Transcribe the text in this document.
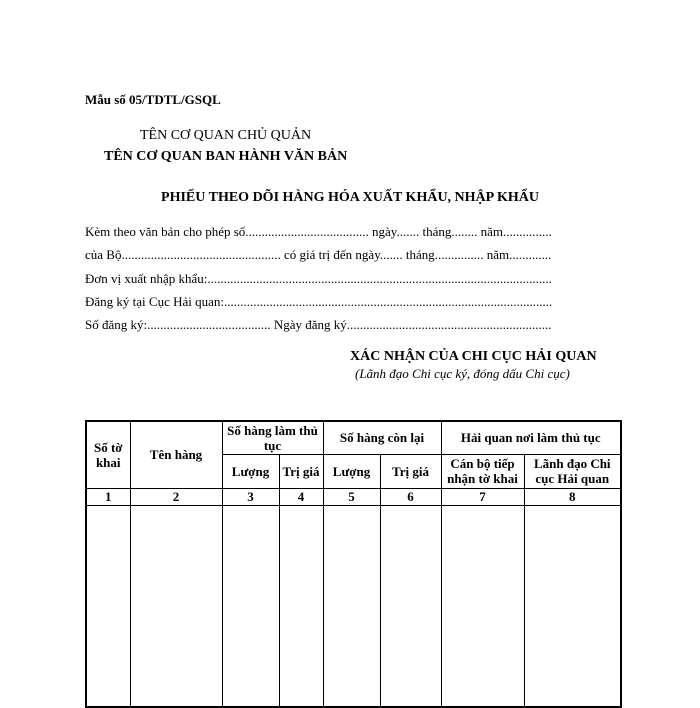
Mẫu số 05/TDTL/GSQL
TÊN CƠ QUAN CHỦ QUẢN
TÊN CƠ QUAN BAN HÀNH VĂN BẢN
PHIẾU THEO DÕI HÀNG HÓA XUẤT KHẨU, NHẬP KHẨU
Kèm theo văn bản cho phép số...................................... ngày....... tháng........ năm...............
của Bộ................................................. có giá trị đến ngày....... tháng............... năm.............
Đơn vị xuất nhập khẩu:..........................................................................................................
Đăng ký tại Cục Hải quan:.....................................................................................................
Số đăng ký:...................................... Ngày đăng ký...............................................................
XÁC NHẬN CỦA CHI CỤC HẢI QUAN
(Lãnh đạo Chi cục ký, đóng dấu Chi cục)
Số tờ khai	Tên hàng	Số hàng làm thủ tục		Số hàng còn lại		Hải quan nơi làm thủ tục	
		Lượng	Trị giá	Lượng	Trị giá	Cán bộ tiếp nhận tờ khai	Lãnh đạo Chi cục Hải quan
1	2	3	4	5	6	7	8
